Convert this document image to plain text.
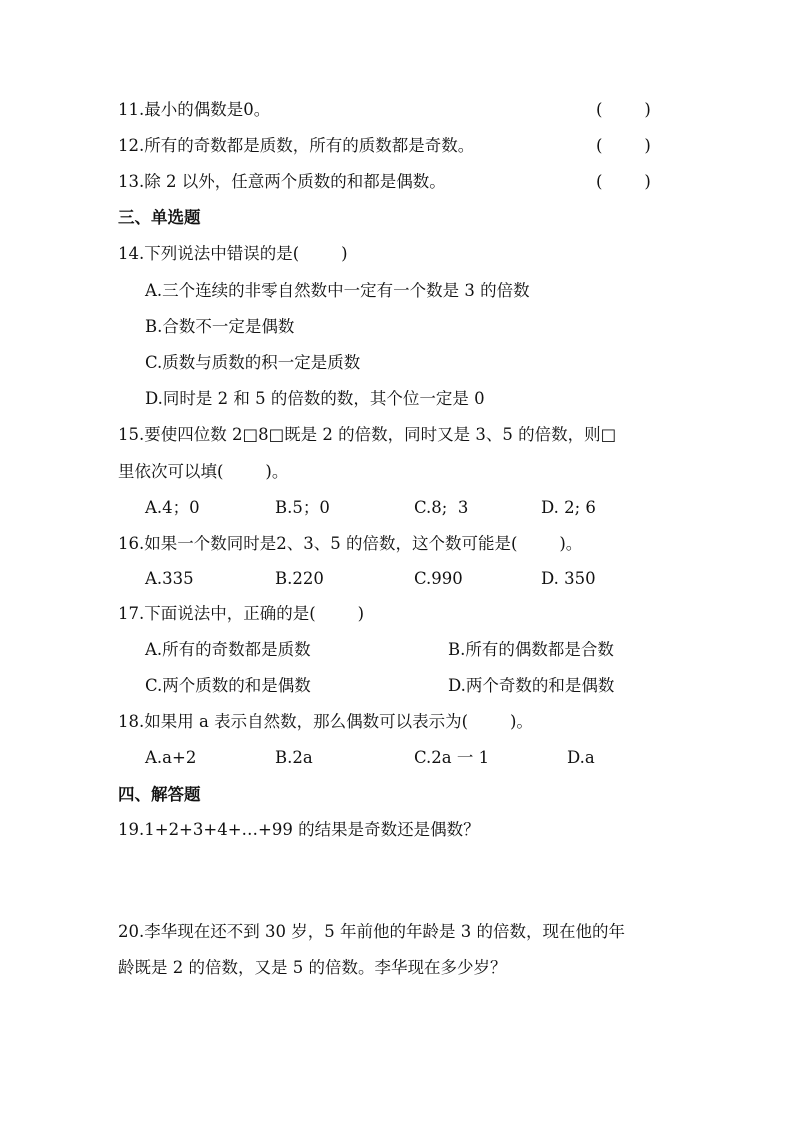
11.最小的偶数是0。	(        )
12.所有的奇数都是质数，所有的质数都是奇数。	(        )
13.除 2 以外，任意两个质数的和都是偶数。	(        )
三、单选题
14.下列说法中错误的是(        )
A.三个连续的非零自然数中一定有一个数是 3 的倍数
B.合数不一定是偶数
C.质数与质数的积一定是质数
D.同时是 2 和 5 的倍数的数，其个位一定是 0
15.要使四位数 2□8□既是 2 的倍数，同时又是 3、5 的倍数，则□
里依次可以填(        )。
A.4；0	B.5；0	C.8;  3	D. 2; 6
16.如果一个数同时是2、3、5 的倍数，这个数可能是(        )。
A.335	B.220	C.990	D. 350
17.下面说法中，正确的是(        )
A.所有的奇数都是质数	B.所有的偶数都是合数
C.两个质数的和是偶数	D.两个奇数的和是偶数
18.如果用 a 表示自然数，那么偶数可以表示为(        )。
A.a+2	B.2a	C.2a 一 1	D.a
四、解答题
19.1+2+3+4+…+99 的结果是奇数还是偶数？
20.李华现在还不到 30 岁，5 年前他的年龄是 3 的倍数，现在他的年
龄既是 2 的倍数，又是 5 的倍数。李华现在多少岁？
